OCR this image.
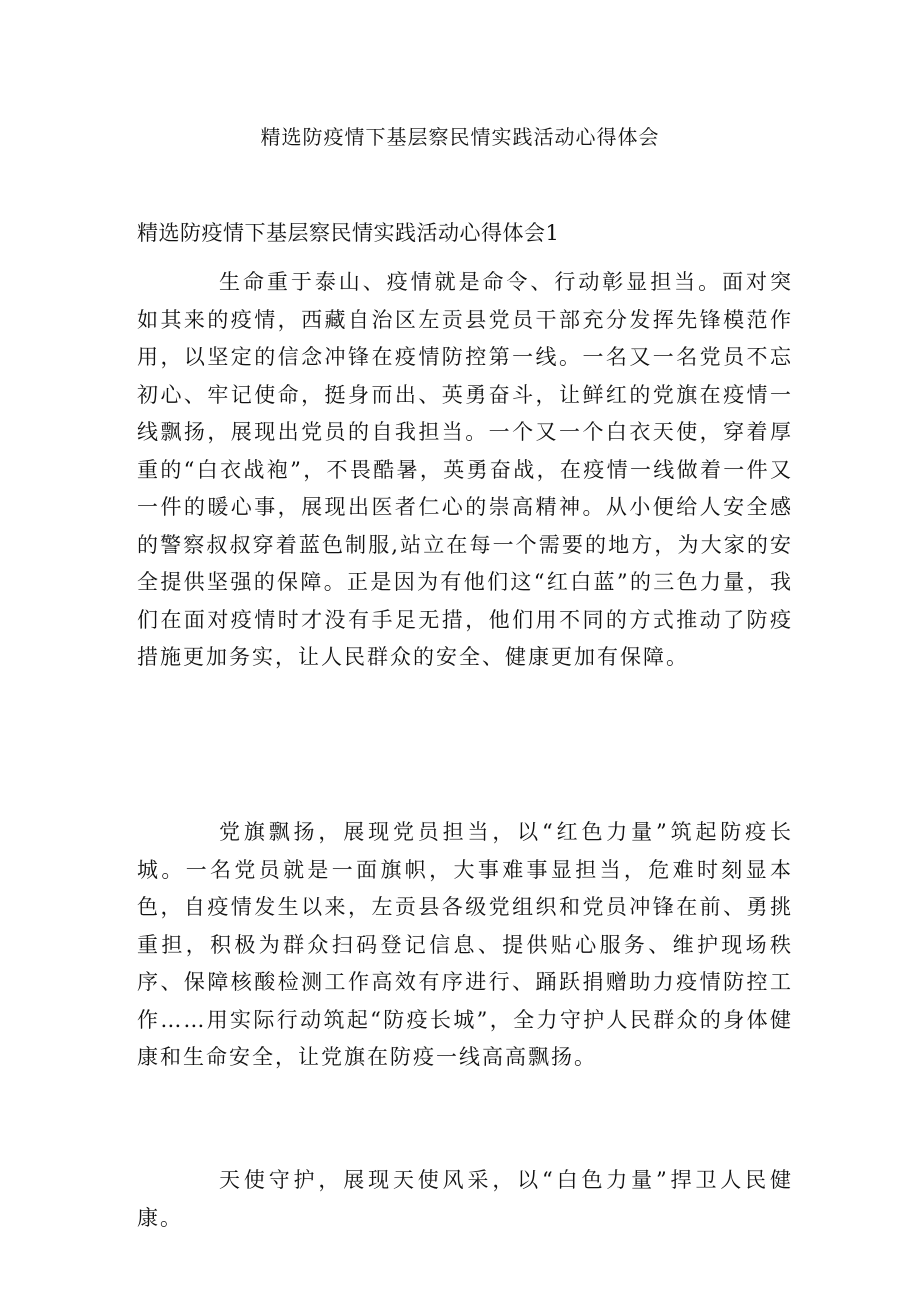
精选防疫情下基层察民情实践活动心得体会
精选防疫情下基层察民情实践活动心得体会1

生命重于泰山、疫情就是命令、行动彰显担当。面对突如其来的疫情，西藏自治区左贡县党员干部充分发挥先锋模范作用，以坚定的信念冲锋在疫情防控第一线。一名又一名党员不忘初心、牢记使命，挺身而出、英勇奋斗，让鲜红的党旗在疫情一线飘扬，展现出党员的自我担当。一个又一个白衣天使，穿着厚重的“白衣战袍”，不畏酷暑，英勇奋战，在疫情一线做着一件又一件的暖心事，展现出医者仁心的崇高精神。从小便给人安全感的警察叔叔穿着蓝色制服,站立在每一个需要的地方，为大家的安全提供坚强的保障。正是因为有他们这“红白蓝”的三色力量，我们在面对疫情时才没有手足无措，他们用不同的方式推动了防疫措施更加务实，让人民群众的安全、健康更加有保障。

党旗飘扬，展现党员担当，以“红色力量”筑起防疫长城。一名党员就是一面旗帜，大事难事显担当，危难时刻显本色，自疫情发生以来，左贡县各级党组织和党员冲锋在前、勇挑重担，积极为群众扫码登记信息、提供贴心服务、维护现场秩序、保障核酸检测工作高效有序进行、踊跃捐赠助力疫情防控工作……用实际行动筑起“防疫长城”，全力守护人民群众的身体健康和生命安全，让党旗在防疫一线高高飘扬。

天使守护，展现天使风采，以“白色力量”捍卫人民健康。
